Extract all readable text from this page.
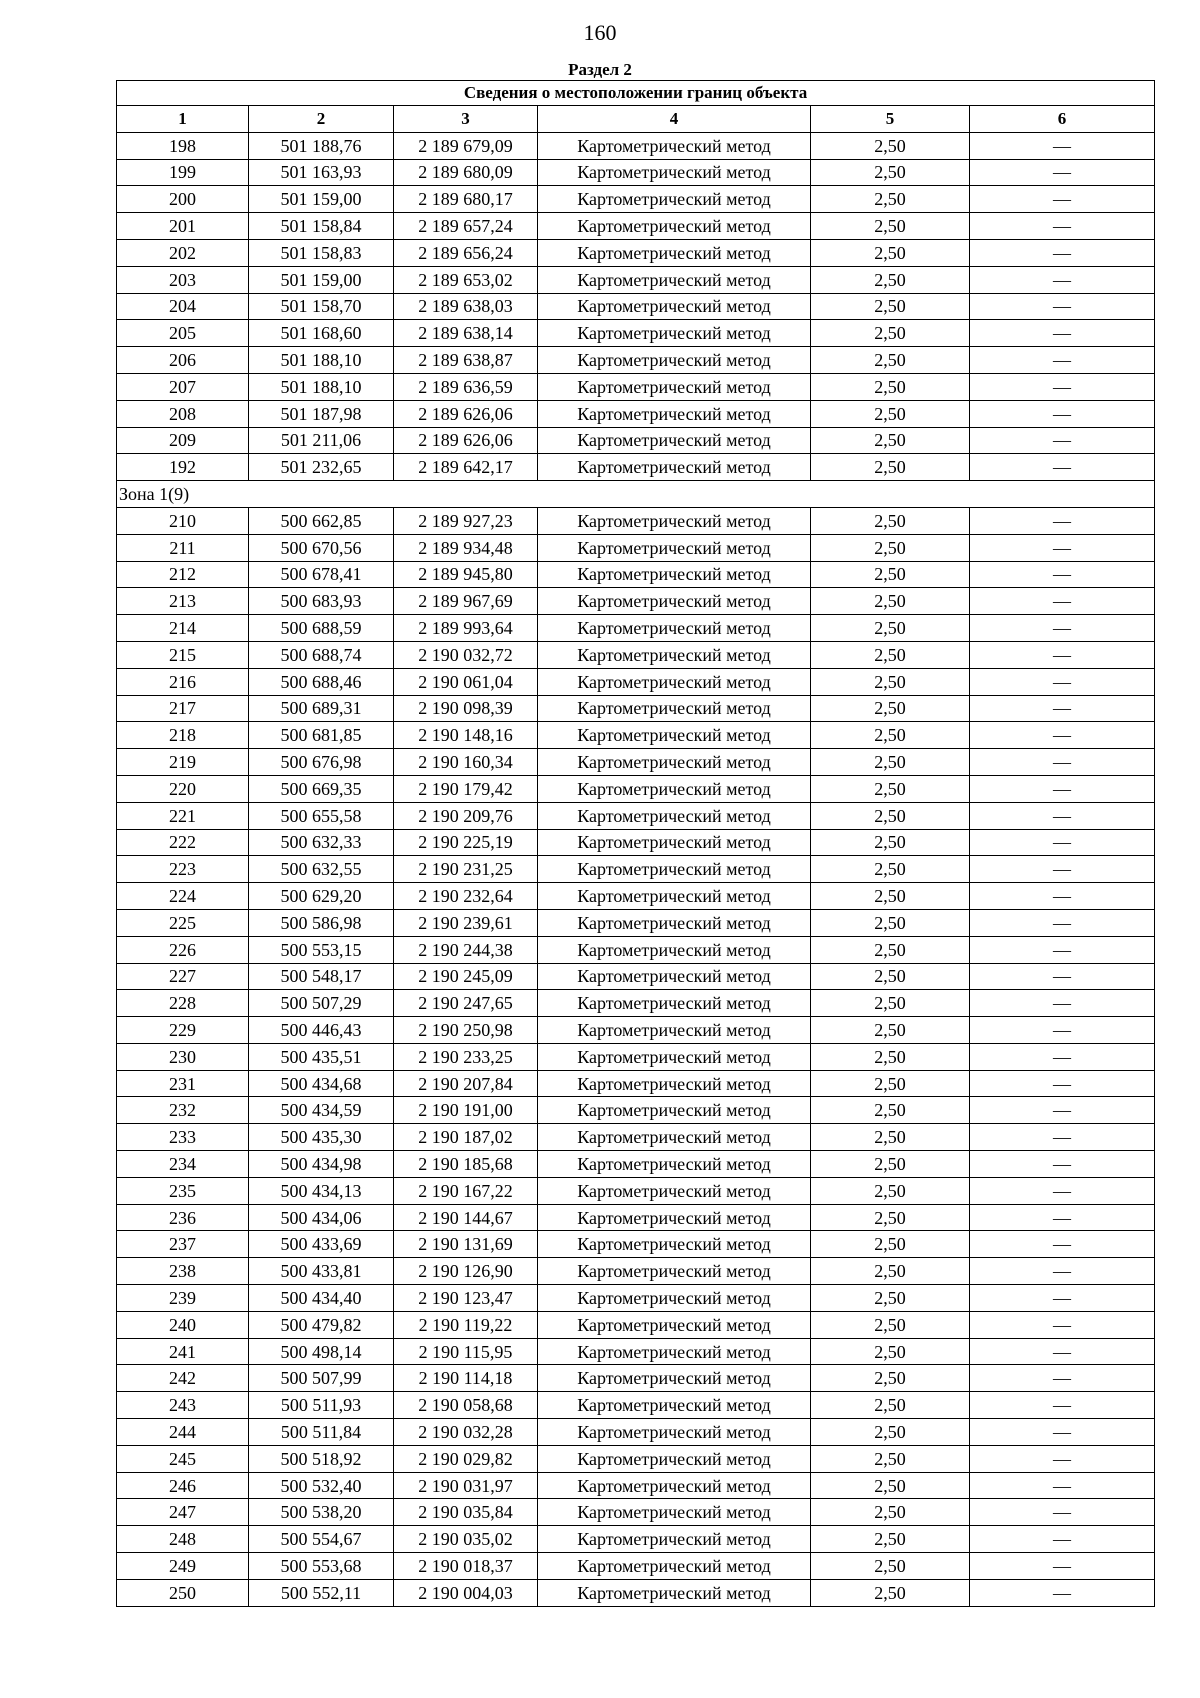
160
Раздел 2
Сведения о местоположении границ объекта					
1	2	3	4	5	6
198	501 188,76	2 189 679,09	Картометрический метод	2,50	—
199	501 163,93	2 189 680,09	Картометрический метод	2,50	—
200	501 159,00	2 189 680,17	Картометрический метод	2,50	—
201	501 158,84	2 189 657,24	Картометрический метод	2,50	—
202	501 158,83	2 189 656,24	Картометрический метод	2,50	—
203	501 159,00	2 189 653,02	Картометрический метод	2,50	—
204	501 158,70	2 189 638,03	Картометрический метод	2,50	—
205	501 168,60	2 189 638,14	Картометрический метод	2,50	—
206	501 188,10	2 189 638,87	Картометрический метод	2,50	—
207	501 188,10	2 189 636,59	Картометрический метод	2,50	—
208	501 187,98	2 189 626,06	Картометрический метод	2,50	—
209	501 211,06	2 189 626,06	Картометрический метод	2,50	—
192	501 232,65	2 189 642,17	Картометрический метод	2,50	—
Зона 1(9)					
210	500 662,85	2 189 927,23	Картометрический метод	2,50	—
211	500 670,56	2 189 934,48	Картометрический метод	2,50	—
212	500 678,41	2 189 945,80	Картометрический метод	2,50	—
213	500 683,93	2 189 967,69	Картометрический метод	2,50	—
214	500 688,59	2 189 993,64	Картометрический метод	2,50	—
215	500 688,74	2 190 032,72	Картометрический метод	2,50	—
216	500 688,46	2 190 061,04	Картометрический метод	2,50	—
217	500 689,31	2 190 098,39	Картометрический метод	2,50	—
218	500 681,85	2 190 148,16	Картометрический метод	2,50	—
219	500 676,98	2 190 160,34	Картометрический метод	2,50	—
220	500 669,35	2 190 179,42	Картометрический метод	2,50	—
221	500 655,58	2 190 209,76	Картометрический метод	2,50	—
222	500 632,33	2 190 225,19	Картометрический метод	2,50	—
223	500 632,55	2 190 231,25	Картометрический метод	2,50	—
224	500 629,20	2 190 232,64	Картометрический метод	2,50	—
225	500 586,98	2 190 239,61	Картометрический метод	2,50	—
226	500 553,15	2 190 244,38	Картометрический метод	2,50	—
227	500 548,17	2 190 245,09	Картометрический метод	2,50	—
228	500 507,29	2 190 247,65	Картометрический метод	2,50	—
229	500 446,43	2 190 250,98	Картометрический метод	2,50	—
230	500 435,51	2 190 233,25	Картометрический метод	2,50	—
231	500 434,68	2 190 207,84	Картометрический метод	2,50	—
232	500 434,59	2 190 191,00	Картометрический метод	2,50	—
233	500 435,30	2 190 187,02	Картометрический метод	2,50	—
234	500 434,98	2 190 185,68	Картометрический метод	2,50	—
235	500 434,13	2 190 167,22	Картометрический метод	2,50	—
236	500 434,06	2 190 144,67	Картометрический метод	2,50	—
237	500 433,69	2 190 131,69	Картометрический метод	2,50	—
238	500 433,81	2 190 126,90	Картометрический метод	2,50	—
239	500 434,40	2 190 123,47	Картометрический метод	2,50	—
240	500 479,82	2 190 119,22	Картометрический метод	2,50	—
241	500 498,14	2 190 115,95	Картометрический метод	2,50	—
242	500 507,99	2 190 114,18	Картометрический метод	2,50	—
243	500 511,93	2 190 058,68	Картометрический метод	2,50	—
244	500 511,84	2 190 032,28	Картометрический метод	2,50	—
245	500 518,92	2 190 029,82	Картометрический метод	2,50	—
246	500 532,40	2 190 031,97	Картометрический метод	2,50	—
247	500 538,20	2 190 035,84	Картометрический метод	2,50	—
248	500 554,67	2 190 035,02	Картометрический метод	2,50	—
249	500 553,68	2 190 018,37	Картометрический метод	2,50	—
250	500 552,11	2 190 004,03	Картометрический метод	2,50	—
